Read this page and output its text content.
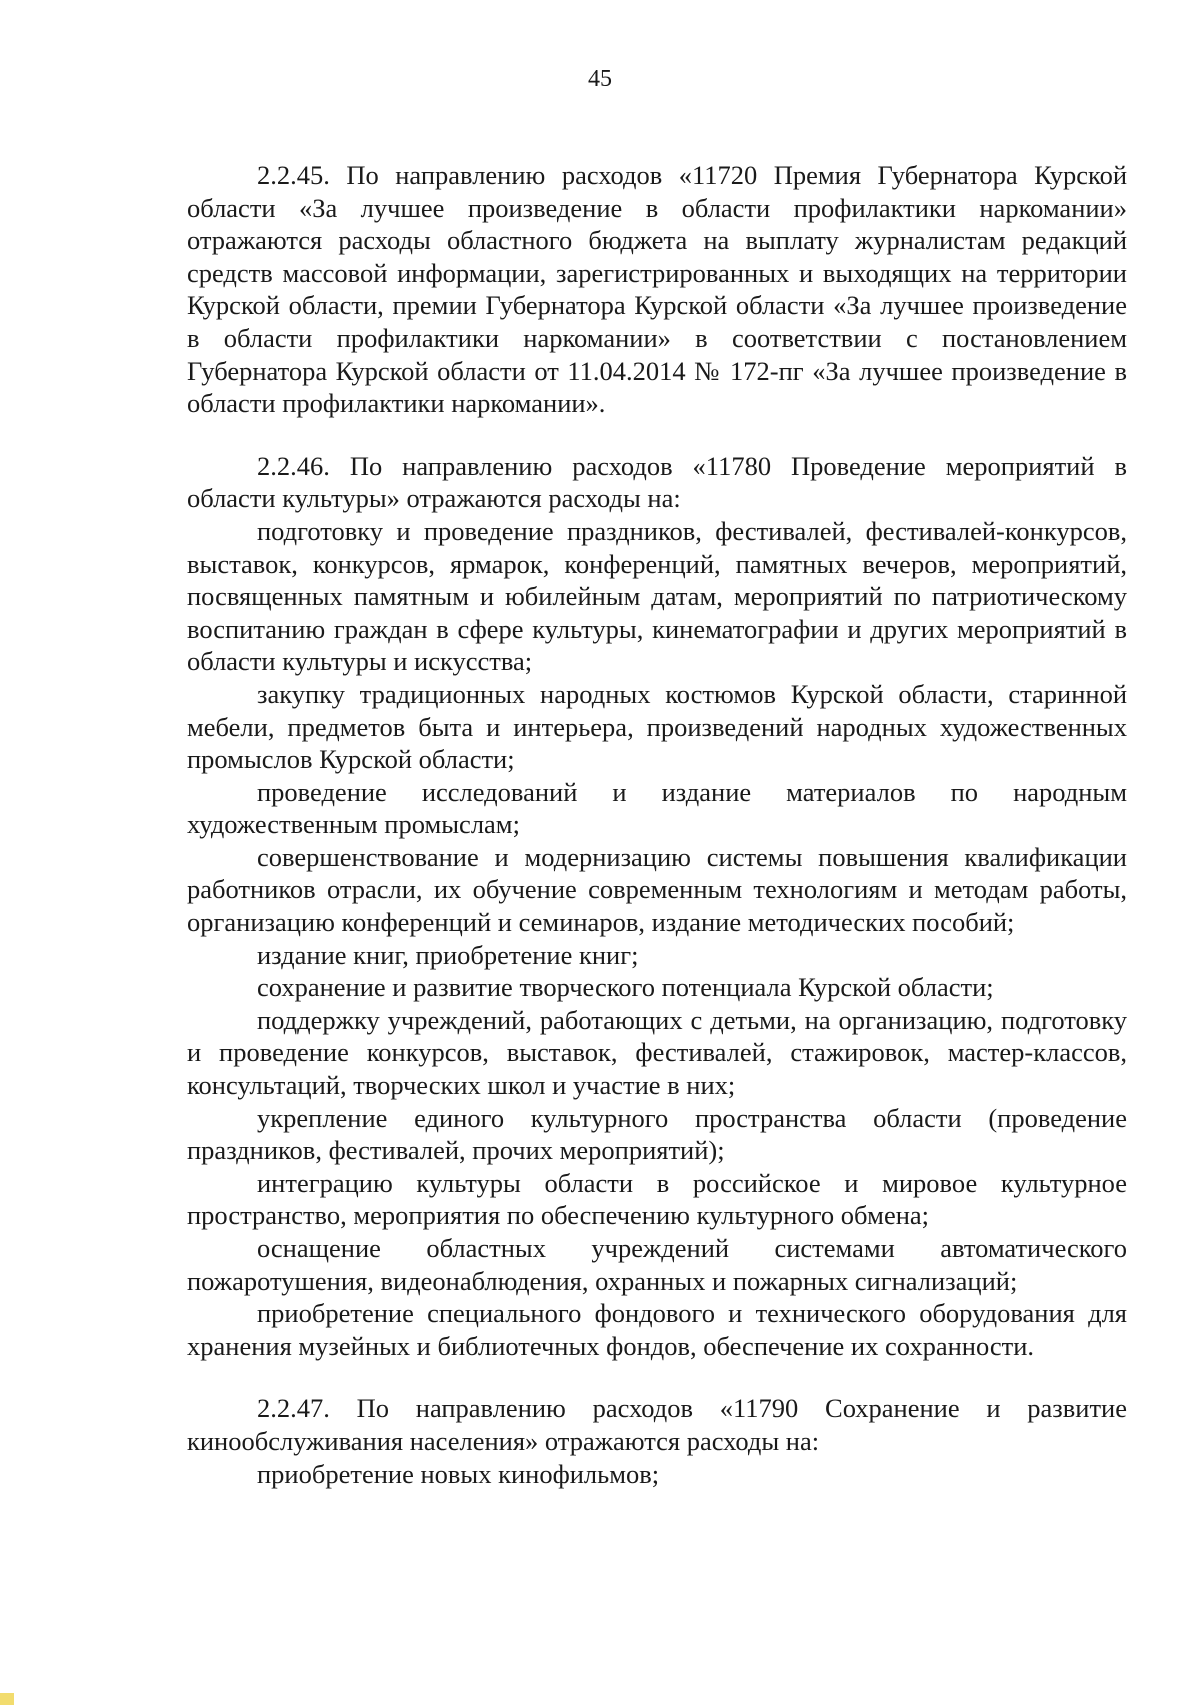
45

2.2.45. По направлению расходов «11720 Премия Губернатора Курской области «За лучшее произведение в области профилактики наркомании» отражаются расходы областного бюджета на выплату журналистам редакций средств массовой информации, зарегистрированных и выходящих на территории Курской области, премии Губернатора Курской области «За лучшее произведение в области профилактики наркомании» в соответствии с постановлением Губернатора Курской области от 11.04.2014 № 172-пг «За лучшее произведение в области профилактики наркомании».

2.2.46. По направлению расходов «11780 Проведение мероприятий в области культуры» отражаются расходы на:

подготовку и проведение праздников, фестивалей, фестивалей-конкурсов, выставок, конкурсов, ярмарок, конференций, памятных вечеров, мероприятий, посвященных памятным и юбилейным датам, мероприятий по патриотическому воспитанию граждан в сфере культуры, кинематографии и других мероприятий в области культуры и искусства;

закупку традиционных народных костюмов Курской области, старинной мебели, предметов быта и интерьера, произведений народных художественных промыслов Курской области;

проведение исследований и издание материалов по народным художественным промыслам;

совершенствование и модернизацию системы повышения квалификации работников отрасли, их обучение современным технологиям и методам работы, организацию конференций и семинаров, издание методических пособий;

издание книг, приобретение книг;

сохранение и развитие творческого потенциала Курской области;

поддержку учреждений, работающих с детьми, на организацию, подготовку и проведение конкурсов, выставок, фестивалей, стажировок, мастер-классов, консультаций, творческих школ и участие в них;

укрепление единого культурного пространства области (проведение праздников, фестивалей, прочих мероприятий);

интеграцию культуры области в российское и мировое культурное пространство, мероприятия по обеспечению культурного обмена;

оснащение областных учреждений системами автоматического пожаротушения, видеонаблюдения, охранных и пожарных сигнализаций;

приобретение специального фондового и технического оборудования для хранения музейных и библиотечных фондов, обеспечение их сохранности.

2.2.47. По направлению расходов «11790 Сохранение и развитие кинообслуживания населения» отражаются расходы на:

приобретение новых кинофильмов;
